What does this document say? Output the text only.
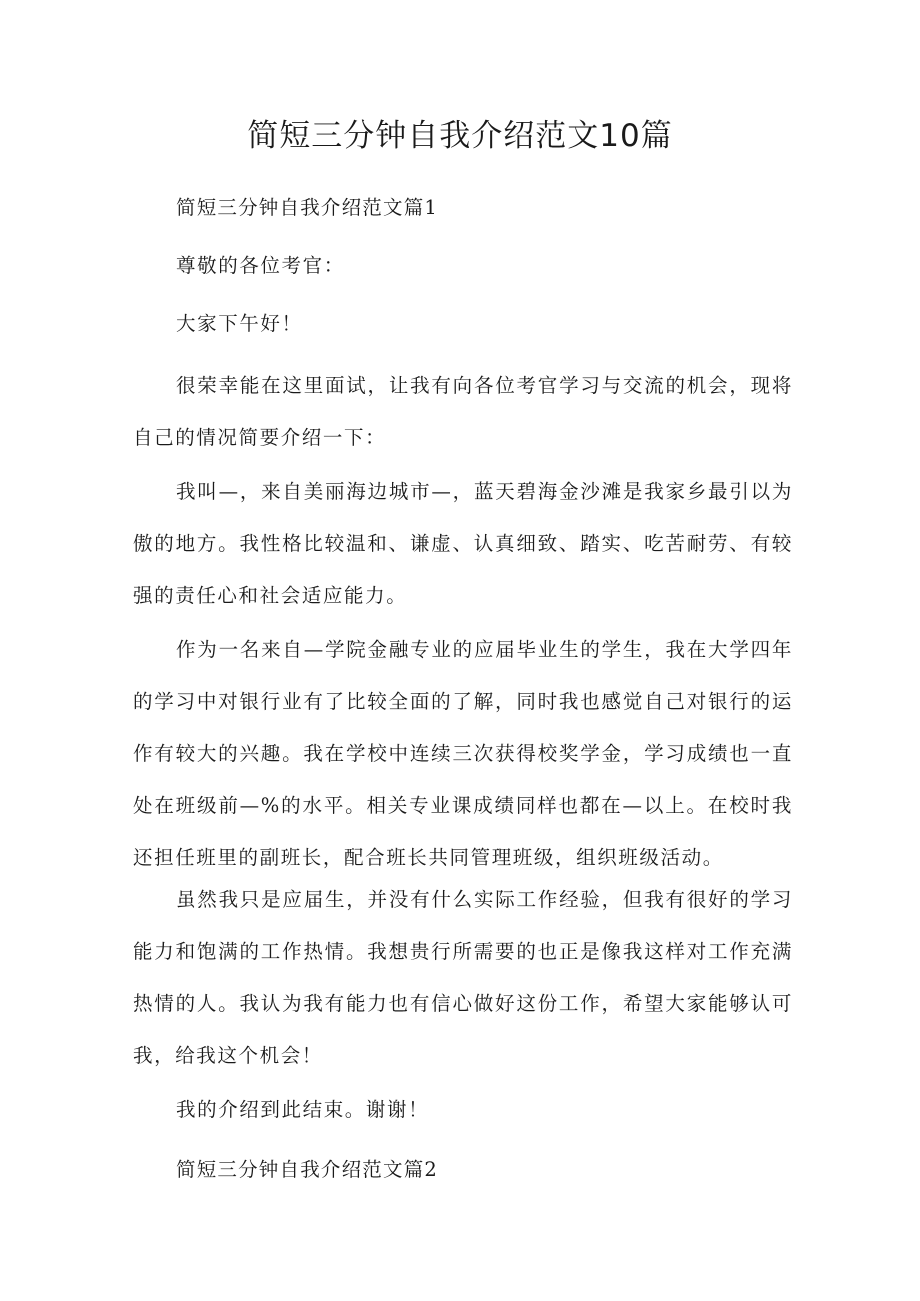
简短三分钟自我介绍范文10篇

简短三分钟自我介绍范文篇1

尊敬的各位考官：

大家下午好！

很荣幸能在这里面试，让我有向各位考官学习与交流的机会，现将自己的情况简要介绍一下：

我叫—，来自美丽海边城市—，蓝天碧海金沙滩是我家乡最引以为傲的地方。我性格比较温和、谦虚、认真细致、踏实、吃苦耐劳、有较强的责任心和社会适应能力。

作为一名来自—学院金融专业的应届毕业生的学生，我在大学四年的学习中对银行业有了比较全面的了解，同时我也感觉自己对银行的运作有较大的兴趣。我在学校中连续三次获得校奖学金，学习成绩也一直处在班级前—%的水平。相关专业课成绩同样也都在—以上。在校时我还担任班里的副班长，配合班长共同管理班级，组织班级活动。

虽然我只是应届生，并没有什么实际工作经验，但我有很好的学习能力和饱满的工作热情。我想贵行所需要的也正是像我这样对工作充满热情的人。我认为我有能力也有信心做好这份工作，希望大家能够认可我，给我这个机会！

我的介绍到此结束。谢谢！

简短三分钟自我介绍范文篇2
